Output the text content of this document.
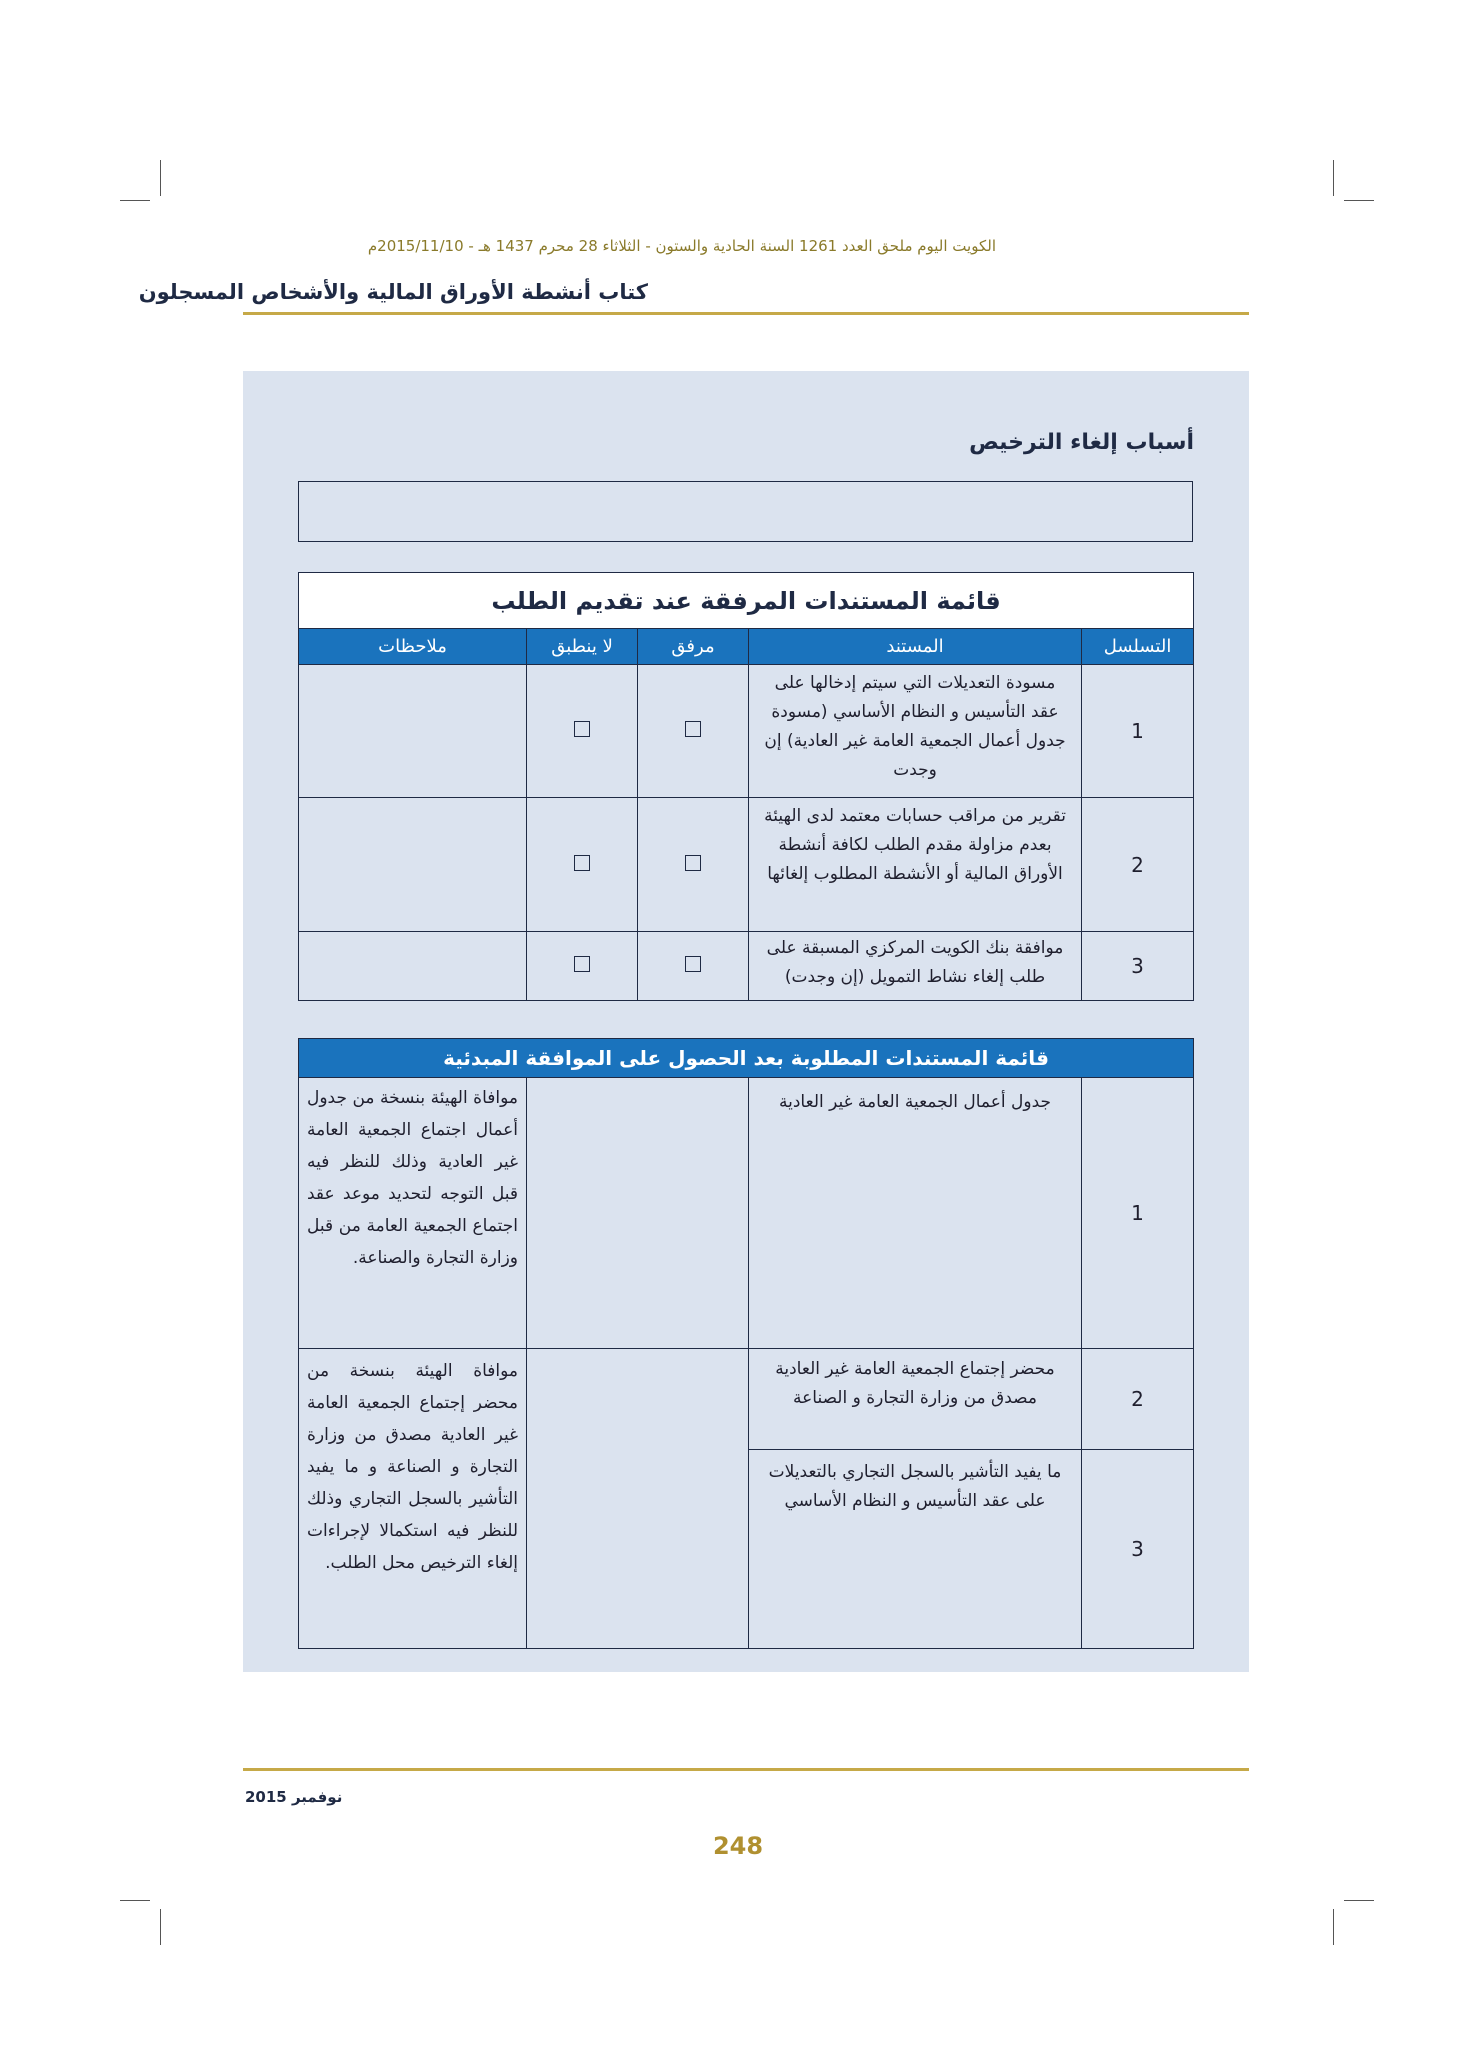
الكويت اليوم ملحق العدد 1261 السنة الحادية والستون - الثلاثاء 28 محرم 1437 هـ - 2015/11/10م
كتاب أنشطة الأوراق المالية والأشخاص المسجلون
أسباب إلغاء الترخيص
قائمة المستندات المرفقة عند تقديم الطلب				
التسلسل	المستند	مرفق	لا ينطبق	ملاحظات
1	مسودة التعديلات التي سيتم إدخالها على عقد التأسيس و النظام الأساسي (مسودة جدول أعمال الجمعية العامة غير العادية) إن وجدت			
2	تقرير من مراقب حسابات معتمد لدى الهيئة بعدم مزاولة مقدم الطلب لكافة أنشطة الأوراق المالية أو الأنشطة المطلوب إلغائها			
3	موافقة بنك الكويت المركزي المسبقة على طلب إلغاء نشاط التمويل (إن وجدت)			
قائمة المستندات المطلوبة بعد الحصول على الموافقة المبدئية			
1	جدول أعمال الجمعية العامة غير العادية		موافاة الهيئة بنسخة من جدول أعمال اجتماع الجمعية العامة غير العادية وذلك للنظر فيه قبل التوجه لتحديد موعد عقد اجتماع الجمعية العامة من قبل وزارة التجارة والصناعة.
2	محضر إجتماع الجمعية العامة غير العادية مصدق من وزارة التجارة و الصناعة		موافاة الهيئة بنسخة من محضر إجتماع الجمعية العامة غير العادية مصدق من وزارة التجارة و الصناعة و ما يفيد التأشير بالسجل التجاري وذلك للنظر فيه استكمالا لإجراءات إلغاء الترخيص محل الطلب.
3	ما يفيد التأشير بالسجل التجاري بالتعديلات على عقد التأسيس و النظام الأساسي		
نوفمبر 2015
248
